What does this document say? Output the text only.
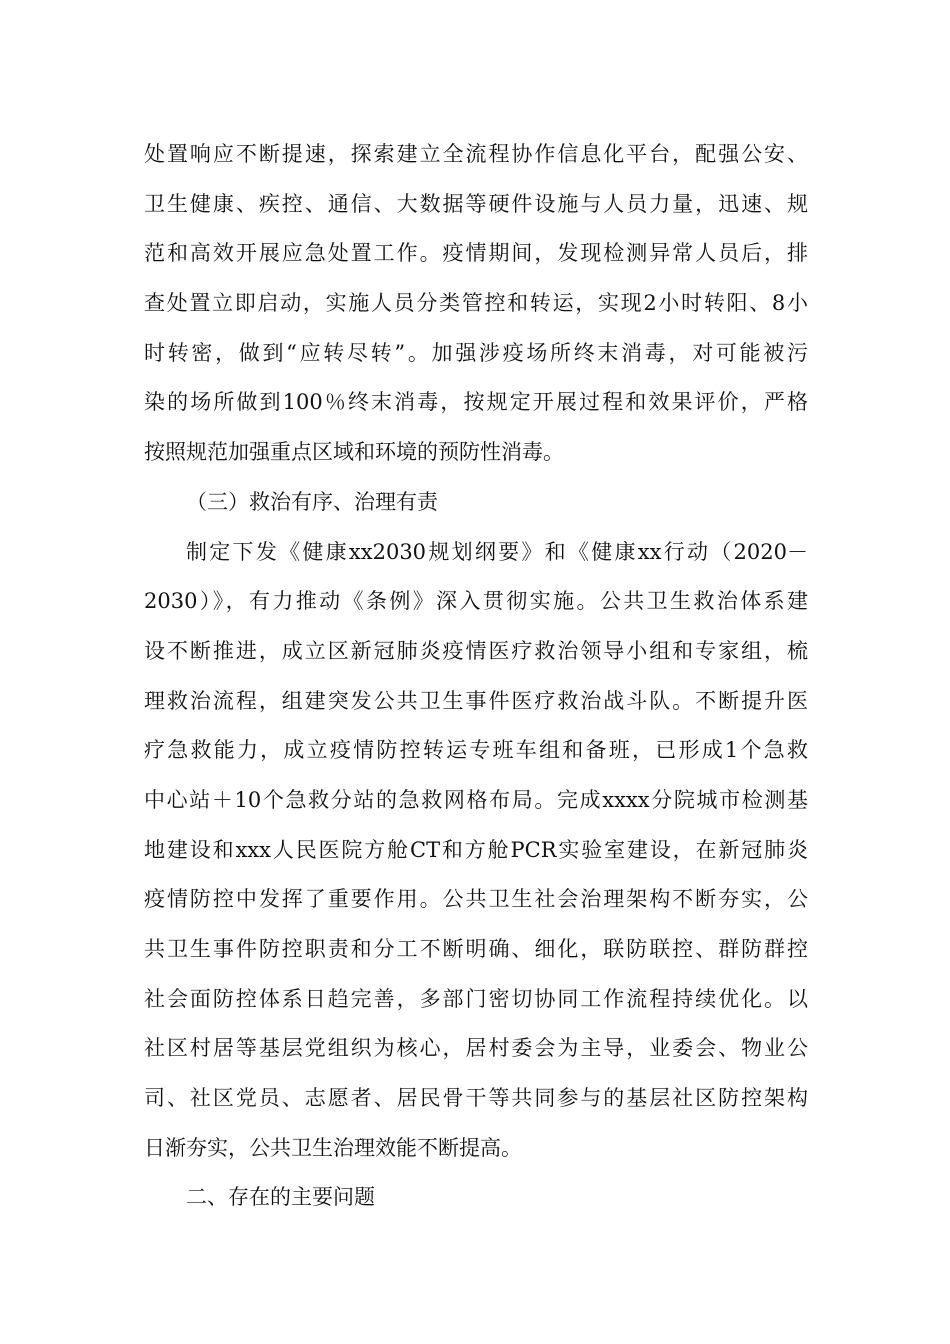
处置响应不断提速，探索建立全流程协作信息化平台，配强公安、
卫生健康、疾控、通信、大数据等硬件设施与人员力量，迅速、规
范和高效开展应急处置工作。疫情期间，发现检测异常人员后，排
查处置立即启动，实施人员分类管控和转运，实现2小时转阳、8小
时转密，做到“应转尽转”。加强涉疫场所终末消毒，对可能被污
染的场所做到100％终末消毒，按规定开展过程和效果评价，严格
按照规范加强重点区域和环境的预防性消毒。
（三）救治有序、治理有责
制定下发《健康xx2030规划纲要》和《健康xx行动（2020－
2030）》，有力推动《条例》深入贯彻实施。公共卫生救治体系建
设不断推进，成立区新冠肺炎疫情医疗救治领导小组和专家组，梳
理救治流程，组建突发公共卫生事件医疗救治战斗队。不断提升医
疗急救能力，成立疫情防控转运专班车组和备班，已形成1个急救
中心站＋10个急救分站的急救网格布局。完成xxxx分院城市检测基
地建设和xxx人民医院方舱CT和方舱PCR实验室建设，在新冠肺炎
疫情防控中发挥了重要作用。公共卫生社会治理架构不断夯实，公
共卫生事件防控职责和分工不断明确、细化，联防联控、群防群控
社会面防控体系日趋完善，多部门密切协同工作流程持续优化。以
社区村居等基层党组织为核心，居村委会为主导，业委会、物业公
司、社区党员、志愿者、居民骨干等共同参与的基层社区防控架构
日渐夯实，公共卫生治理效能不断提高。
二、存在的主要问题
